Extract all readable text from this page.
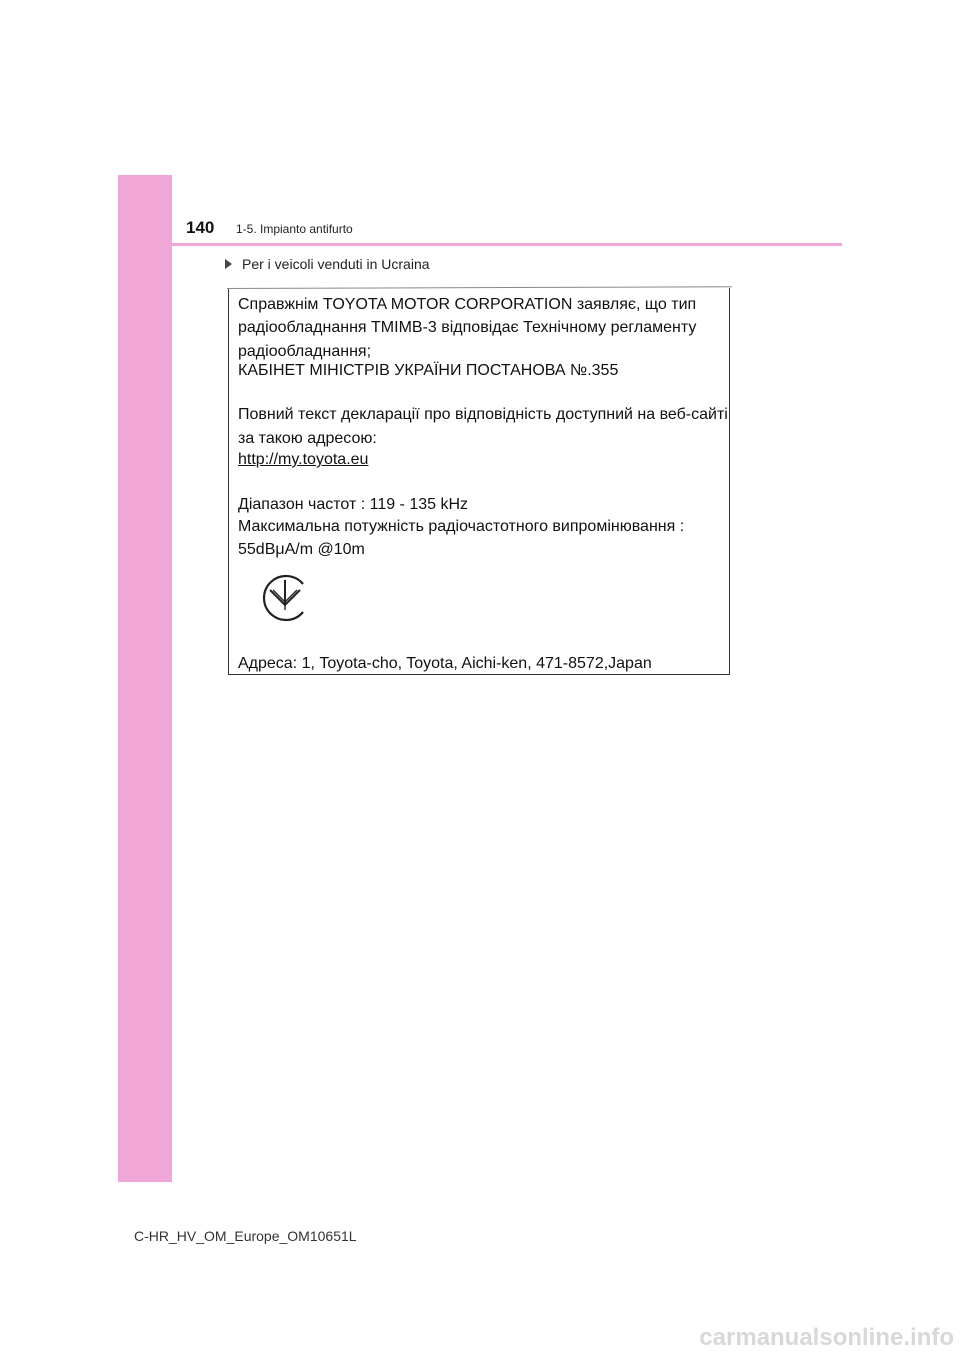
140 1-5. Impianto antifurto
Per i veicoli venduti in Ucraina
Справжнім TOYOTA MOTOR CORPORATION заявляє, що тип
радіообладнання TMIMB-3 відповідає Технічному регламенту
радіообладнання;
КАБІНЕТ МІНІСТРІВ УКРАЇНИ ПОСТАНОВА №.355
Повний текст декларації про відповідність доступний на веб-сайті
за такою адресою:
http://my.toyota.eu
Діапазон частот : 119 - 135 kHz
Максимальна потужність радіочастотного випромінювання :
55dBμA/m @10m
Адреса: 1, Toyota-cho, Toyota, Aichi-ken, 471-8572,Japan
C-HR_HV_OM_Europe_OM10651L
carmanualsonline.info
